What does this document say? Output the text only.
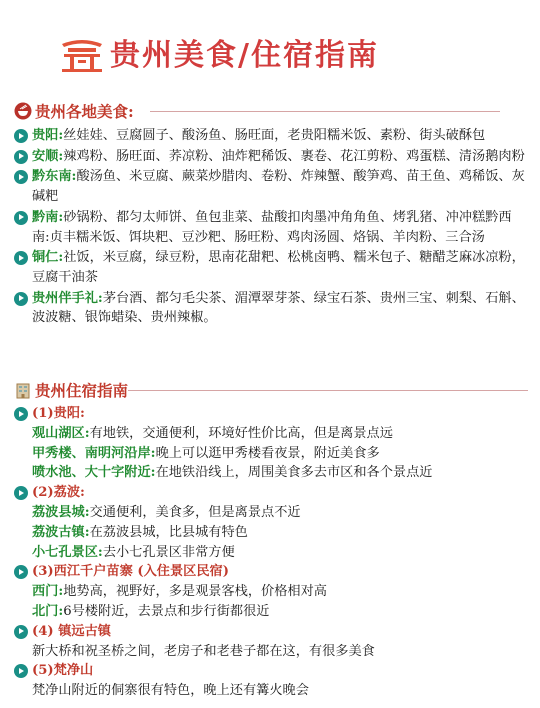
贵州美食/住宿指南
贵州各地美食:
贵阳:丝娃娃、豆腐圆子、酸汤鱼、肠旺面，老贵阳糯米饭、素粉、街头破酥包
安顺:辣鸡粉、肠旺面、荞凉粉、油炸粑稀饭、裹卷、花江剪粉、鸡蛋糕、清汤鹅肉粉
黔东南:酸汤鱼、米豆腐、蕨菜炒腊肉、卷粉、炸辣蟹、酸笋鸡、苗王鱼、鸡稀饭、灰碱粑
黔南:砂锅粉、都匀太师饼、鱼包韭菜、盐酸扣肉墨冲角角鱼、烤乳猪、冲冲糕黔西南:贞丰糯米饭、饵块粑、豆沙粑、肠旺粉、鸡肉汤圆、烙锅、羊肉粉、三合汤
铜仁:社饭，米豆腐，绿豆粉，思南花甜粑、松桃卤鸭、糯米包子、糖醋芝麻冰凉粉，豆腐干油茶
贵州伴手礼:茅台酒、都匀毛尖茶、湄潭翠芽茶、绿宝石茶、贵州三宝、刺梨、石斛、波波糖、银饰蜡染、贵州辣椒。
贵州住宿指南
(1)贵阳:
观山湖区:有地铁，交通便利，环境好性价比高，但是离景点远
甲秀楼、南明河沿岸:晚上可以逛甲秀楼看夜景，附近美食多
喷水池、大十字附近:在地铁沿线上，周围美食多去市区和各个景点近
(2)荔波:
荔波县城:交通便利，美食多，但是离景点不近
荔波古镇:在荔波县城，比县城有特色
小七孔景区:去小七孔景区非常方便
(3)西江千户苗寨 (入住景区民宿)
西门:地势高，视野好，多是观景客栈，价格相对高
北门:6号楼附近，去景点和步行街都很近
(4) 镇远古镇
新大桥和祝圣桥之间，老房子和老巷子都在这，有很多美食
(5)梵净山
梵净山附近的侗寨很有特色，晚上还有篝火晚会
